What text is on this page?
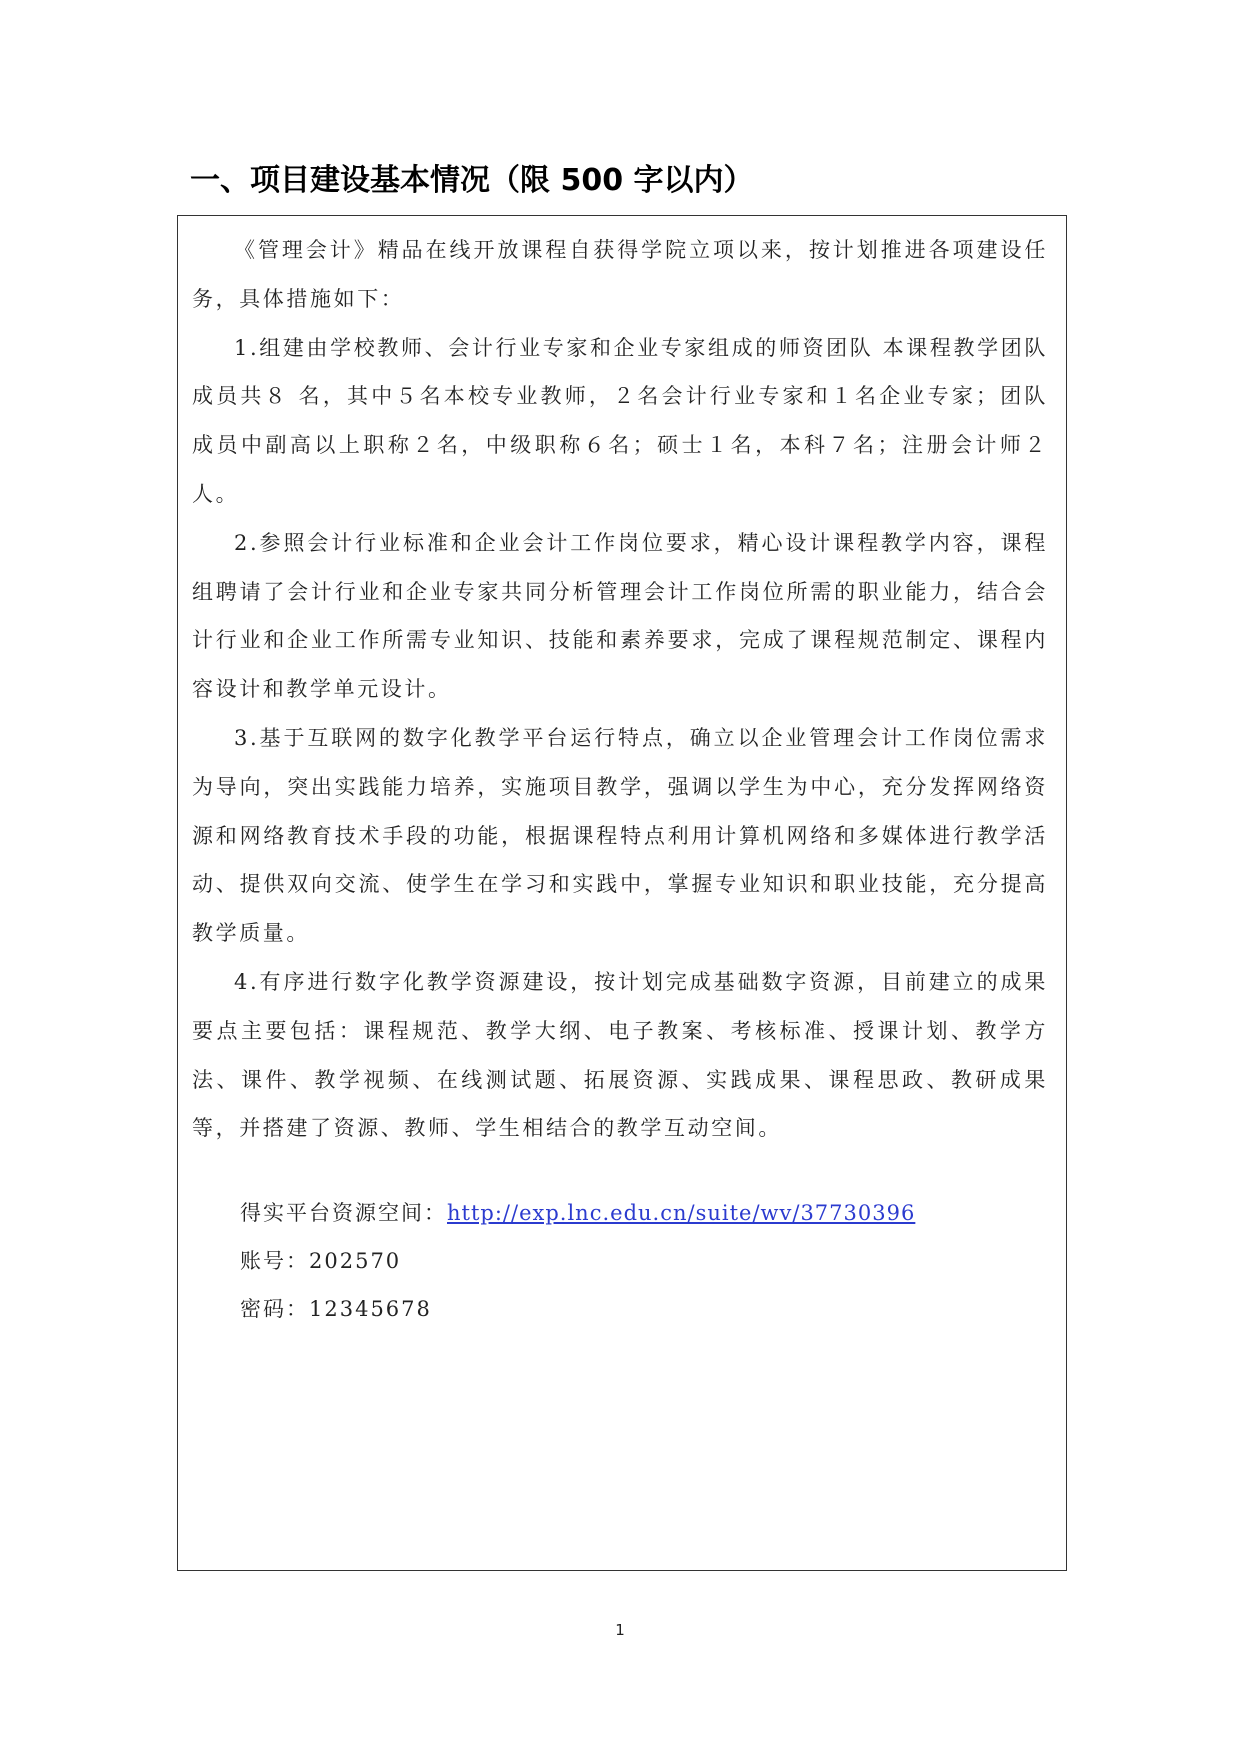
一、项目建设基本情况（限 500 字以内）

《管理会计》精品在线开放课程自获得学院立项以来，按计划推进各项建设任务，具体措施如下：

1.组建由学校教师、会计行业专家和企业专家组成的师资团队 本课程教学团队成员共８ 名，其中５名本校专业教师，２名会计行业专家和１名企业专家；团队成员中副高以上职称２名，中级职称６名；硕士１名，本科７名；注册会计师２人。

2.参照会计行业标准和企业会计工作岗位要求，精心设计课程教学内容，课程组聘请了会计行业和企业专家共同分析管理会计工作岗位所需的职业能力，结合会计行业和企业工作所需专业知识、技能和素养要求，完成了课程规范制定、课程内容设计和教学单元设计。

3.基于互联网的数字化教学平台运行特点，确立以企业管理会计工作岗位需求为导向，突出实践能力培养，实施项目教学，强调以学生为中心，充分发挥网络资源和网络教育技术手段的功能，根据课程特点利用计算机网络和多媒体进行教学活动、提供双向交流、使学生在学习和实践中，掌握专业知识和职业技能，充分提高教学质量。

4.有序进行数字化教学资源建设，按计划完成基础数字资源，目前建立的成果要点主要包括：课程规范、教学大纲、电子教案、考核标准、授课计划、教学方法、课件、教学视频、在线测试题、拓展资源、实践成果、课程思政、教研成果等，并搭建了资源、教师、学生相结合的教学互动空间。

得实平台资源空间：http://exp.lnc.edu.cn/suite/wv/37730396
账号：202570
密码：12345678
1
